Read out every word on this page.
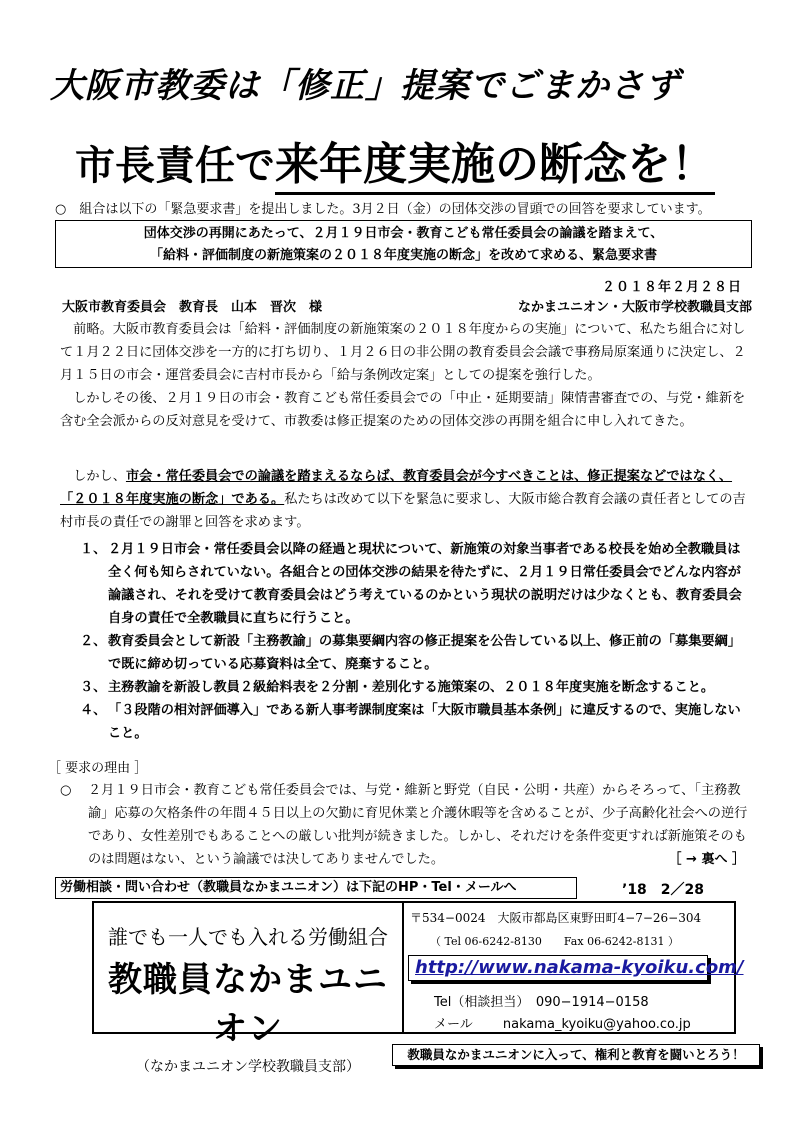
大阪市教委は「修正」提案でごまかさず
市長責任で来年度実施の断念を！
○　組合は以下の「緊急要求書」を提出しました。3月２日（金）の団体交渉の冒頭での回答を要求しています。
団体交渉の再開にあたって、２月１９日市会・教育こども常任委員会の論議を踏まえて、
「給料・評価制度の新施策案の２０１８年度実施の断念」を改めて求める、緊急要求書
２０１８年２月２８日
大阪市教育委員会　教育長　山本　晋次　様	なかまユニオン・大阪市学校教職員支部
　前略。大阪市教育委員会は「給料・評価制度の新施策案の２０１８年度からの実施」について、私たち組合に対して１月２２日に団体交渉を一方的に打ち切り、１月２６日の非公開の教育委員会会議で事務局原案通りに決定し、２月１５日の市会・運営委員会に吉村市長から「給与条例改定案」としての提案を強行した。
　しかしその後、２月１９日の市会・教育こども常任委員会での「中止・延期要請」陳情書審査での、与党・維新を含む全会派からの反対意見を受けて、市教委は修正提案のための団体交渉の再開を組合に申し入れてきた。
　しかし、市会・常任委員会での論議を踏まえるならば、教育委員会が今すべきことは、修正提案などではなく、「２０１８年度実施の断念」である。私たちは改めて以下を緊急に要求し、大阪市総合教育会議の責任者としての吉村市長の責任での謝罪と回答を求めます。
１、 ２月１９日市会・常任委員会以降の経過と現状について、新施策の対象当事者である校長を始め全教職員は全く何も知らされていない。各組合との団体交渉の結果を待たずに、２月１９日常任委員会でどんな内容が論議され、それを受けて教育委員会はどう考えているのかという現状の説明だけは少なくとも、教育委員会自身の責任で全教職員に直ちに行うこと。
２、 教育委員会として新設「主務教諭」の募集要綱内容の修正提案を公告している以上、修正前の「募集要綱」で既に締め切っている応募資料は全て、廃棄すること。
３、 主務教諭を新設し教員２級給料表を２分割・差別化する施策案の、２０１８年度実施を断念すること。
４、 「３段階の相対評価導入」である新人事考課制度案は「大阪市職員基本条例」に違反するので、実施しないこと。
［ 要求の理由 ］
○	２月１９日市会・教育こども常任委員会では、与党・維新と野党（自民・公明・共産）からそろって、「主務教諭」応募の欠格条件の年間４５日以上の欠勤に育児休業と介護休暇等を含めることが、少子高齢化社会への逆行であり、女性差別でもあることへの厳しい批判が続きました。しかし、それだけを条件変更すれば新施策そのものは問題はない、という論議では決してありませんでした。	［ → 裏へ ］
労働相談・問い合わせ（教職員なかまユニオン）は下記のHP・Tel・メールへ	’18　2／28
誰でも一人でも入れる労働組合
教職員なかまユニオン
（なかまユニオン学校教職員支部）
〒534−0024　大阪市都島区東野田町4−7−26−304
（ Tel 06-6242-8130　　Fax 06-6242-8131 ）
http://www.nakama-kyoiku.com/
Tel（相談担当）　090−1914−0158
メール　　 nakama_kyoiku@yahoo.co.jp
教職員なかまユニオンに入って、権利と教育を闘いとろう！
